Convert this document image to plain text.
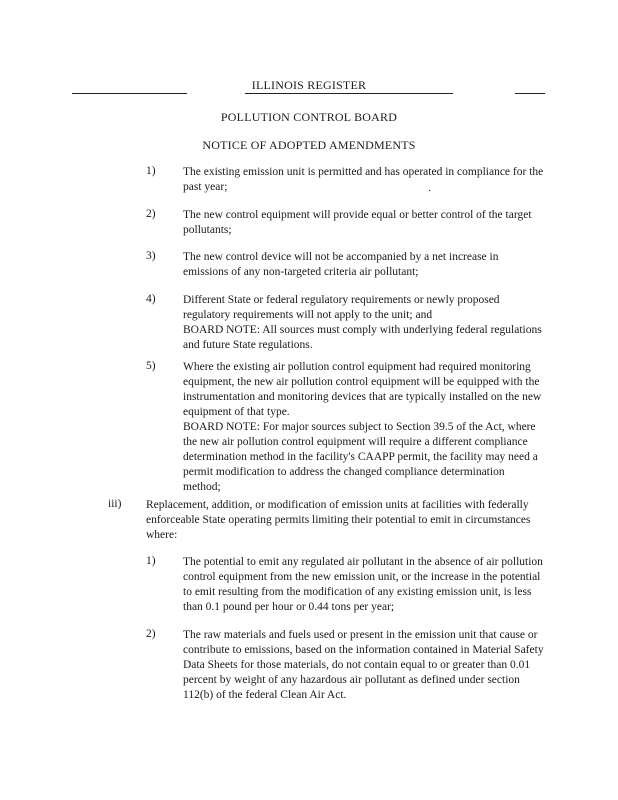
ILLINOIS REGISTER
POLLUTION CONTROL BOARD
NOTICE OF ADOPTED AMENDMENTS
1) The existing emission unit is permitted and has operated in compliance for the past year;	·
2) The new control equipment will provide equal or better control of the target pollutants;

3) The new control device will not be accompanied by a net increase in emissions of any non-targeted criteria air pollutant;

4) Different State or federal regulatory requirements or newly proposed regulatory requirements will not apply to the unit; and

BOARD NOTE: All sources must comply with underlying federal regulations and future State regulations.

5) Where the existing air pollution control equipment had required monitoring equipment, the new air pollution control equipment will be equipped with the instrumentation and monitoring devices that are typically installed on the new equipment of that type.

BOARD NOTE: For major sources subject to Section 39.5 of the Act, where the new air pollution control equipment will require a different compliance determination method in the facility's CAAPP permit, the facility may need a permit modification to address the changed compliance determination method;

iii) Replacement, addition, or modification of emission units at facilities with federally enforceable State operating permits limiting their potential to emit in circumstances where:

1) The potential to emit any regulated air pollutant in the absence of air pollution control equipment from the new emission unit, or the increase in the potential to emit resulting from the modification of any existing emission unit, is less than 0.1 pound per hour or 0.44 tons per year;

2) The raw materials and fuels used or present in the emission unit that cause or contribute to emissions, based on the information contained in Material Safety Data Sheets for those materials, do not contain equal to or greater than 0.01 percent by weight of any hazardous air pollutant as defined under section 112(b) of the federal Clean Air Act.
